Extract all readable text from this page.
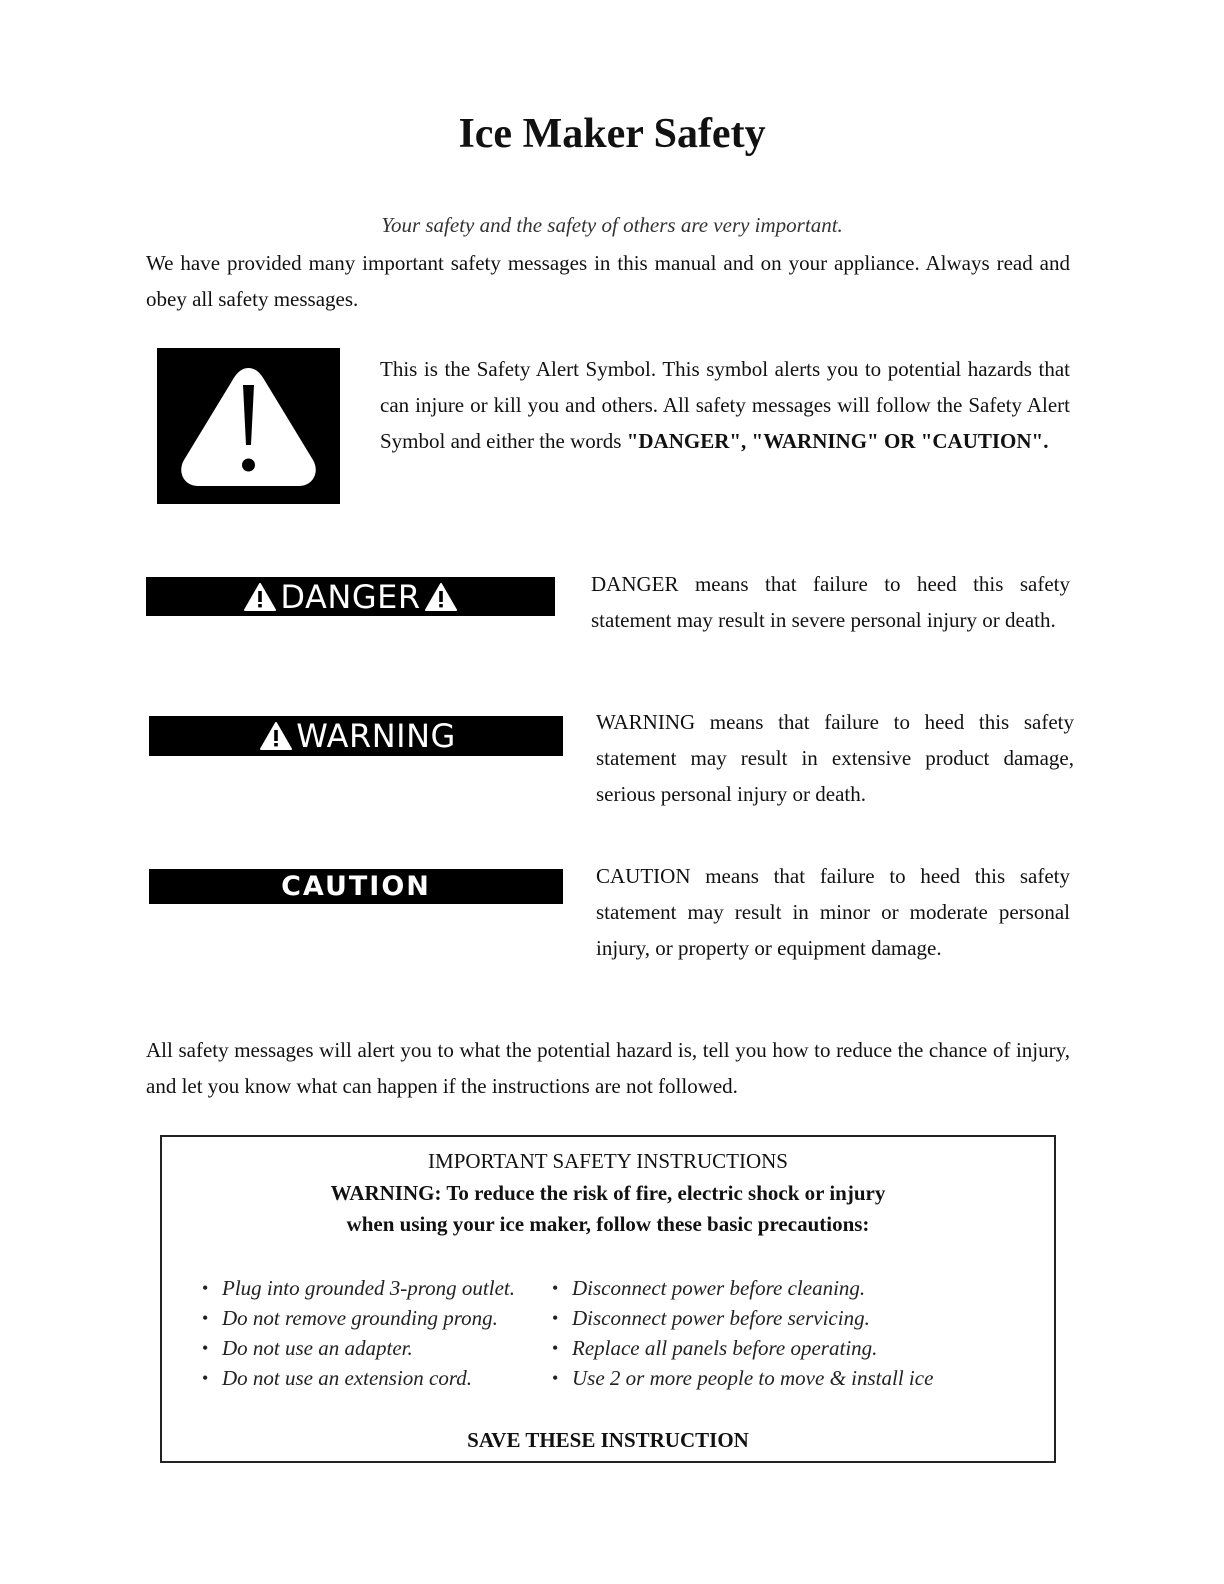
Ice Maker Safety
Your safety and the safety of others are very important.

We have provided many important safety messages in this manual and on your appliance. Always read and obey all safety messages.

This is the Safety Alert Symbol. This symbol alerts you to potential hazards that can injure or kill you and others. All safety messages will follow the Safety Alert Symbol and either the words "DANGER", "WARNING" OR "CAUTION".

DANGER	DANGER means that failure to heed this safety statement may result in severe personal injury or death.

WARNING	WARNING means that failure to heed this safety statement may result in extensive product damage, serious personal injury or death.

CAUTION	CAUTION means that failure to heed this safety statement may result in minor or moderate personal injury, or property or equipment damage.

All safety messages will alert you to what the potential hazard is, tell you how to reduce the chance of injury, and let you know what can happen if the instructions are not followed.

IMPORTANT SAFETY INSTRUCTIONS
WARNING: To reduce the risk of fire, electric shock or injury
when using your ice maker, follow these basic precautions:
• Plug into grounded 3-prong outlet.
• Do not remove grounding prong.
• Do not use an adapter.
• Do not use an extension cord.
• Disconnect power before cleaning.
• Disconnect power before servicing.
• Replace all panels before operating.
• Use 2 or more people to move & install ice
SAVE THESE INSTRUCTION
